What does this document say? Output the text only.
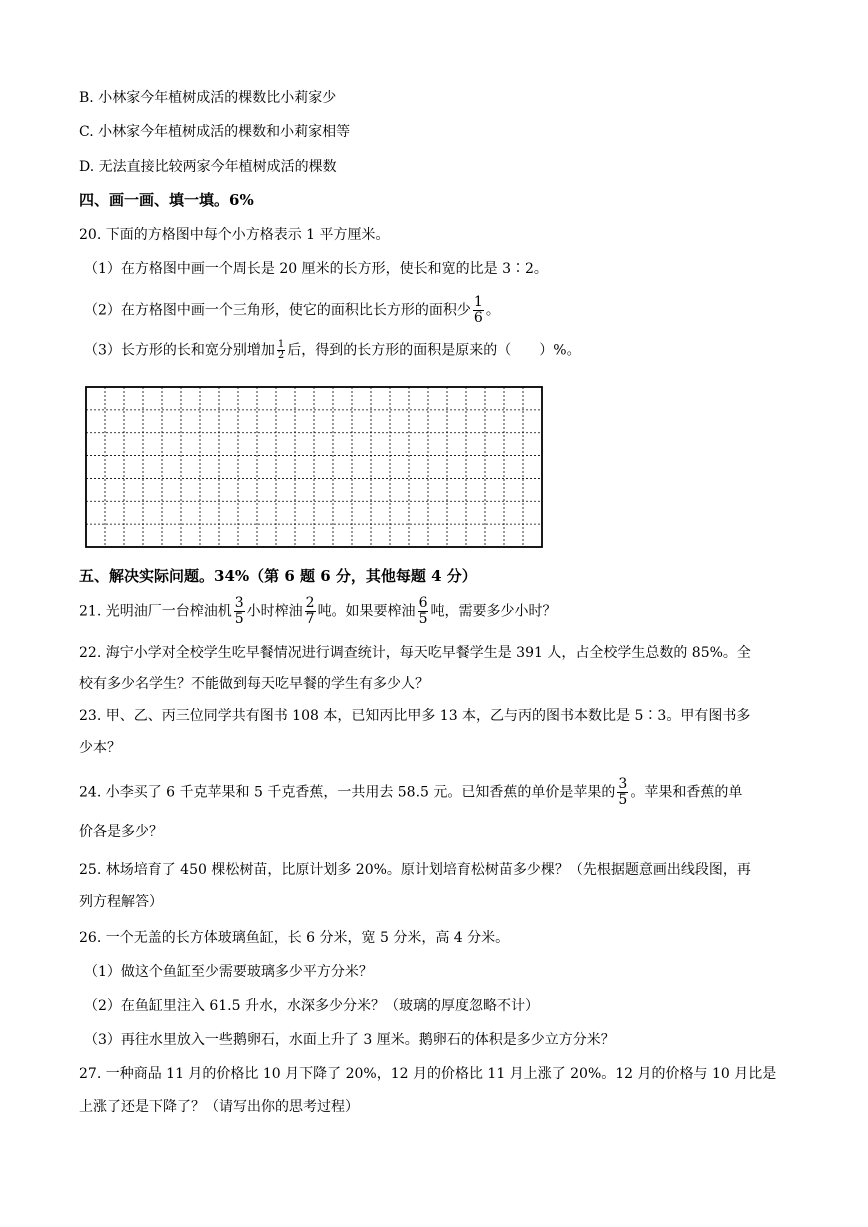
B. 小林家今年植树成活的棵数比小莉家少
C. 小林家今年植树成活的棵数和小莉家相等
D. 无法直接比较两家今年植树成活的棵数
四、画一画、填一填。6%
20. 下面的方格图中每个小方格表示 1 平方厘米。
（1）在方格图中画一个周长是 20 厘米的长方形，使长和宽的比是 3∶2。
（2）在方格图中画一个三角形，使它的面积比长方形的面积少 $\frac{1}{6}$ 。
（3）长方形的长和宽分别增加 $\frac{1}{2}$ 后，得到的长方形的面积是原来的（　　）%。
五、解决实际问题。34%（第 6 题 6 分，其他每题 4 分）
21. 光明油厂一台榨油机 $\frac{3}{5}$ 小时榨油 $\frac{2}{7}$ 吨。如果要榨油 $\frac{6}{5}$ 吨，需要多少小时？
22. 海宁小学对全校学生吃早餐情况进行调查统计，每天吃早餐学生是 391 人，占全校学生总数的 85%。全
校有多少名学生？不能做到每天吃早餐的学生有多少人？
23. 甲、乙、丙三位同学共有图书 108 本，已知丙比甲多 13 本，乙与丙的图书本数比是 5∶3。甲有图书多
少本？
24. 小李买了 6 千克苹果和 5 千克香蕉，一共用去 58.5 元。已知香蕉的单价是苹果的 $\frac{3}{5}$ 。苹果和香蕉的单
价各是多少？
25. 林场培育了 450 棵松树苗，比原计划多 20%。原计划培育松树苗多少棵？（先根据题意画出线段图，再
列方程解答）
26. 一个无盖的长方体玻璃鱼缸，长 6 分米，宽 5 分米，高 4 分米。
（1）做这个鱼缸至少需要玻璃多少平方分米？
（2）在鱼缸里注入 61.5 升水，水深多少分米？（玻璃的厚度忽略不计）
（3）再往水里放入一些鹅卵石，水面上升了 3 厘米。鹅卵石的体积是多少立方分米？
27. 一种商品 11 月的价格比 10 月下降了 20%，12 月的价格比 11 月上涨了 20%。12 月的价格与 10 月比是
上涨了还是下降了？（请写出你的思考过程）
